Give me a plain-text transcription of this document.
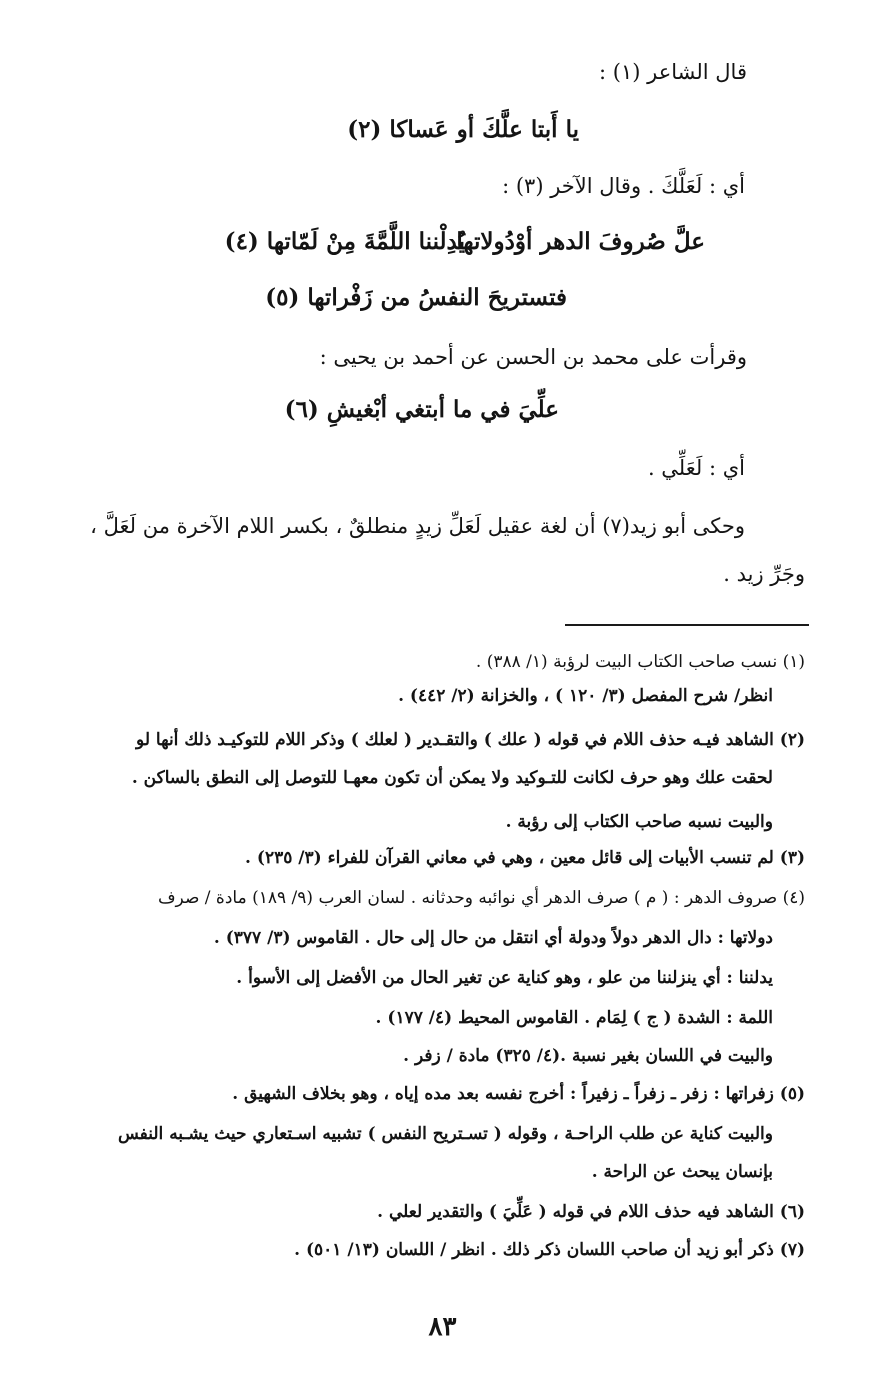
قال الشاعر (١) :
يا أَبتا علَّكَ أو عَساكا (٢)
أي : لَعَلَّكَ . وقال الآخر (٣) :
علَّ صُروفَ الدهر أوْدُولاتها
يُدِلْننا اللَّمَّةَ مِنْ لَمّاتها (٤)
فتستريحَ النفسُ من زَفْراتها (٥)
وقرأت على محمد بن الحسن عن أحمد بن يحيى :
علِّيَ في ما أبتغي أبْغيشِ (٦)
أي : لَعَلِّي .
وحكى أبو زيد(٧) أن لغة عقيل لَعَلِّ زيدٍ منطلقٌ ، بكسر اللام الآخرة من لَعَلَّ ،
وجَرِّ زيد .
(١) نسب صاحب الكتاب البيت لرؤبة (١/ ٣٨٨) .
انظر/ شرح المفصل (٣/ ١٢٠ ) ، والخزانة (٢/ ٤٤٢) .
(٢) الشاهد فيـه حذف اللام في قوله ( علك ) والتقـدير ( لعلك ) وذكر اللام للتوكيـد ذلك أنها لو
لحقت علك وهو حرف لكانت للتـوكيد ولا يمكن أن تكون معهـا للتوصل إلى النطق بالساكن .
والبيت نسبه صاحب الكتاب إلى رؤبة .
(٣) لم تنسب الأبيات إلى قائل معين ، وهي في معاني القرآن للفراء (٣/ ٢٣٥) .
(٤) صروف الدهر : ( م ) صرف الدهر أي نوائبه وحدثانه . لسان العرب (٩/ ١٨٩) مادة / صرف
دولاتها : دال الدهر دولاً ودولة أي انتقل من حال إلى حال . القاموس (٣/ ٣٧٧) .
يدلننا : أي ينزلننا من علو ، وهو كناية عن تغير الحال من الأفضل إلى الأسوأ .
اللمة : الشدة ( ج ) لِمَام . القاموس المحيط (٤/ ١٧٧) .
والبيت في اللسان بغير نسبة .(٤/ ٣٢٥) مادة / زفر .
(٥) زفراتها : زفر ـ زفراً ـ زفيراً : أخرج نفسه بعد مده إياه ، وهو بخلاف الشهيق .
والبيت كناية عن طلب الراحـة ، وقوله ( تسـتريح النفس ) تشبيه اسـتعاري حيث يشـبه النفس
بإنسان يبحث عن الراحة .
(٦) الشاهد فيه حذف اللام في قوله ( عَلِّيَ ) والتقدير لعلي .
(٧) ذكر أبو زيد أن صاحب اللسان ذكر ذلك . انظر / اللسان (١٣/ ٥٠١) .
٨٣
